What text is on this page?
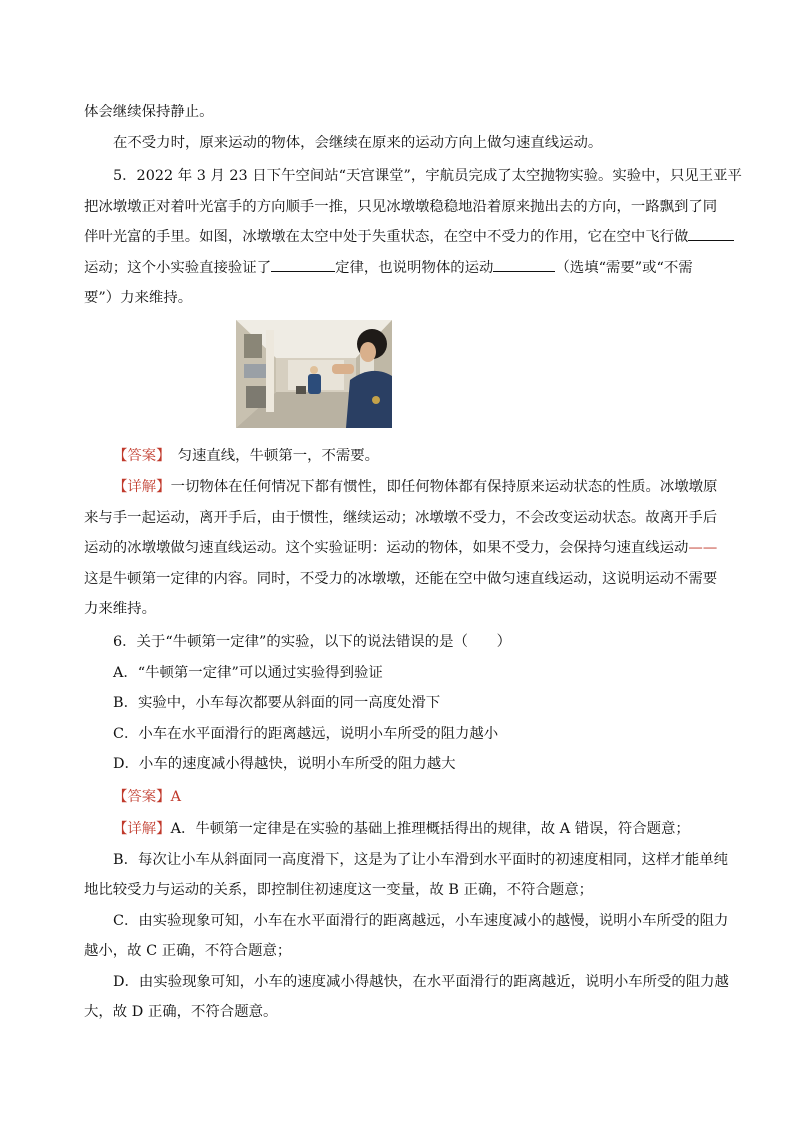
体会继续保持静止。
在不受力时，原来运动的物体，会继续在原来的运动方向上做匀速直线运动。
5．2022 年 3 月 23 日下午空间站“天宫课堂”，宇航员完成了太空抛物实验。实验中，只见王亚平
把冰墩墩正对着叶光富手的方向顺手一推，只见冰墩墩稳稳地沿着原来抛出去的方向，一路飘到了同
伴叶光富的手里。如图，冰墩墩在太空中处于失重状态，在空中不受力的作用，它在空中飞行做
运动；这个小实验直接验证了	定律，也说明物体的运动	（选填“需要”或“不需
要”）力来维持。
【答案】 匀速直线，牛顿第一，不需要。
【详解】一切物体在任何情况下都有惯性，即任何物体都有保持原来运动状态的性质。冰墩墩原
来与手一起运动，离开手后，由于惯性，继续运动；冰墩墩不受力，不会改变运动状态。故离开手后
运动的冰墩墩做匀速直线运动。这个实验证明：运动的物体，如果不受力，会保持匀速直线运动——
这是牛顿第一定律的内容。同时，不受力的冰墩墩，还能在空中做匀速直线运动，这说明运动不需要
力来维持。
6．关于“牛顿第一定律”的实验，以下的说法错误的是（　　）
A．“牛顿第一定律”可以通过实验得到验证
B．实验中，小车每次都要从斜面的同一高度处滑下
C．小车在水平面滑行的距离越远，说明小车所受的阻力越小
D．小车的速度减小得越快，说明小车所受的阻力越大
【答案】A
【详解】A．牛顿第一定律是在实验的基础上推理概括得出的规律，故 A 错误，符合题意；
B．每次让小车从斜面同一高度滑下，这是为了让小车滑到水平面时的初速度相同，这样才能单纯
地比较受力与运动的关系，即控制住初速度这一变量，故 B 正确，不符合题意；
C．由实验现象可知，小车在水平面滑行的距离越远，小车速度减小的越慢，说明小车所受的阻力
越小，故 C 正确，不符合题意；
D．由实验现象可知，小车的速度减小得越快，在水平面滑行的距离越近，说明小车所受的阻力越
大，故 D 正确，不符合题意。
